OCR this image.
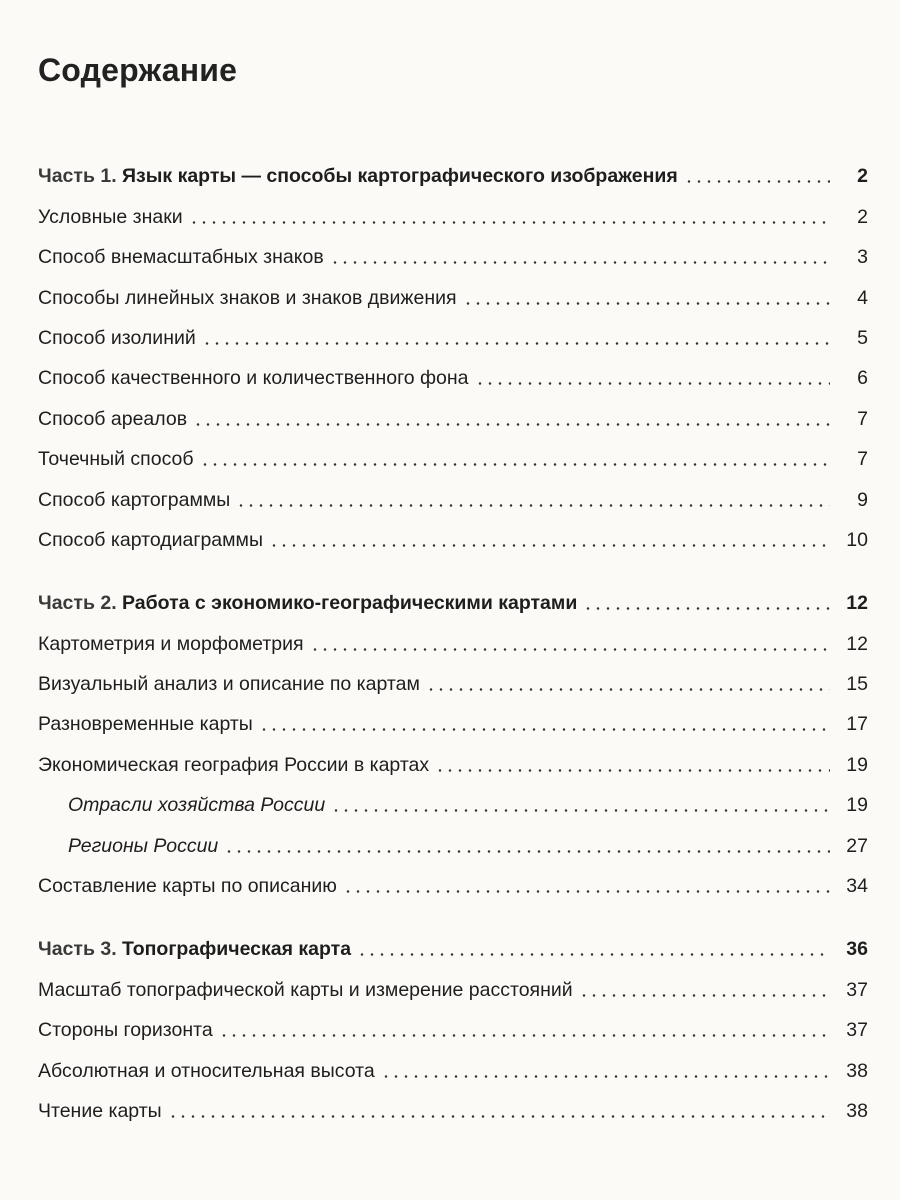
Содержание
Часть 1. Язык карты — способы картографического изображения	2
Условные знаки	2
Способ внемасштабных знаков	3
Способы линейных знаков и знаков движения	4
Способ изолиний	5
Способ качественного и количественного фона	6
Способ ареалов	7
Точечный способ	7
Способ картограммы	9
Способ картодиаграммы	10
Часть 2. Работа с экономико-географическими картами	12
Картометрия и морфометрия	12
Визуальный анализ и описание по картам	15
Разновременные карты	17
Экономическая география России в картах	19
Отрасли хозяйства России	19
Регионы России	27
Составление карты по описанию	34
Часть 3. Топографическая карта	36
Масштаб топографической карты и измерение расстояний	37
Стороны горизонта	37
Абсолютная и относительная высота	38
Чтение карты	38
